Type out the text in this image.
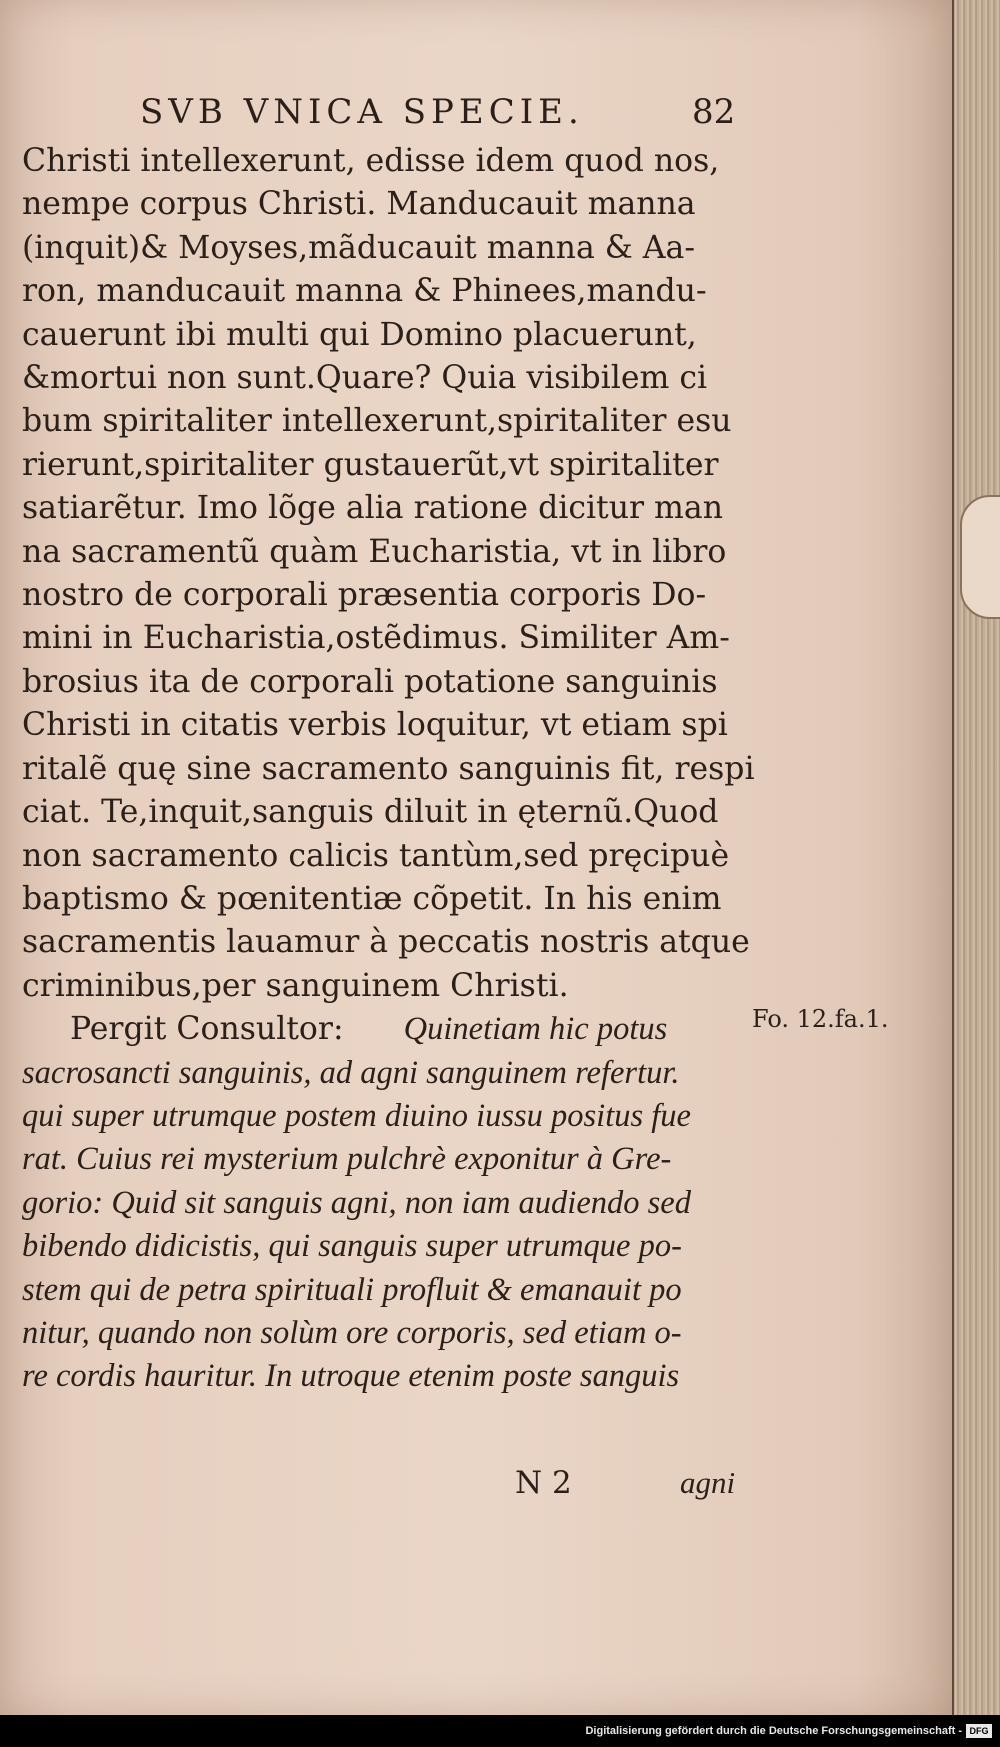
SVB VNICA SPECIE.	82
Christi intellexerunt, edisse idem quod nos,
nempe corpus Christi. Manducauit manna
(inquit)& Moyses,mãducauit manna & Aa-
ron, manducauit manna & Phinees,mandu-
cauerunt ibi multi qui Domino placuerunt,
&mortui non sunt.Quare? Quia visibilem ci
bum spiritaliter intellexerunt,spiritaliter esu
rierunt,spiritaliter gustauerũt,vt spiritaliter
satiarẽtur. Imo lõge alia ratione dicitur man
na sacramentũ quàm Eucharistia, vt in libro
nostro de corporali præsentia corporis Do-
mini in Eucharistia,ostẽdimus. Similiter Am-
brosius ita de corporali potatione sanguinis
Christi in citatis verbis loquitur, vt etiam spi
ritalẽ quę sine sacramento sanguinis fit, respi
ciat. Te,inquit,sanguis diluit in ęternũ.Quod
non sacramento calicis tantùm,sed pręcipuè
baptismo & pœnitentiæ cõpetit. In his enim
sacramentis lauamur à peccatis nostris atque
criminibus,per sanguinem Christi.
Pergit Consultor: Quinetiam hic potus
sacrosancti sanguinis, ad agni sanguinem refertur.
qui super utrumque postem diuino iussu positus fue
rat. Cuius rei mysterium pulchrè exponitur à Gre-
gorio: Quid sit sanguis agni, non iam audiendo sed
bibendo didicistis, qui sanguis super utrumque po-
stem qui de petra spirituali profluit & emanauit po
nitur, quando non solùm ore corporis, sed etiam o-
re cordis hauritur. In utroque etenim poste sanguis
Fo. 12.fa.1.
N 2	agni
Digitalisierung gefördert durch die Deutsche Forschungsgemeinschaft - DFG
